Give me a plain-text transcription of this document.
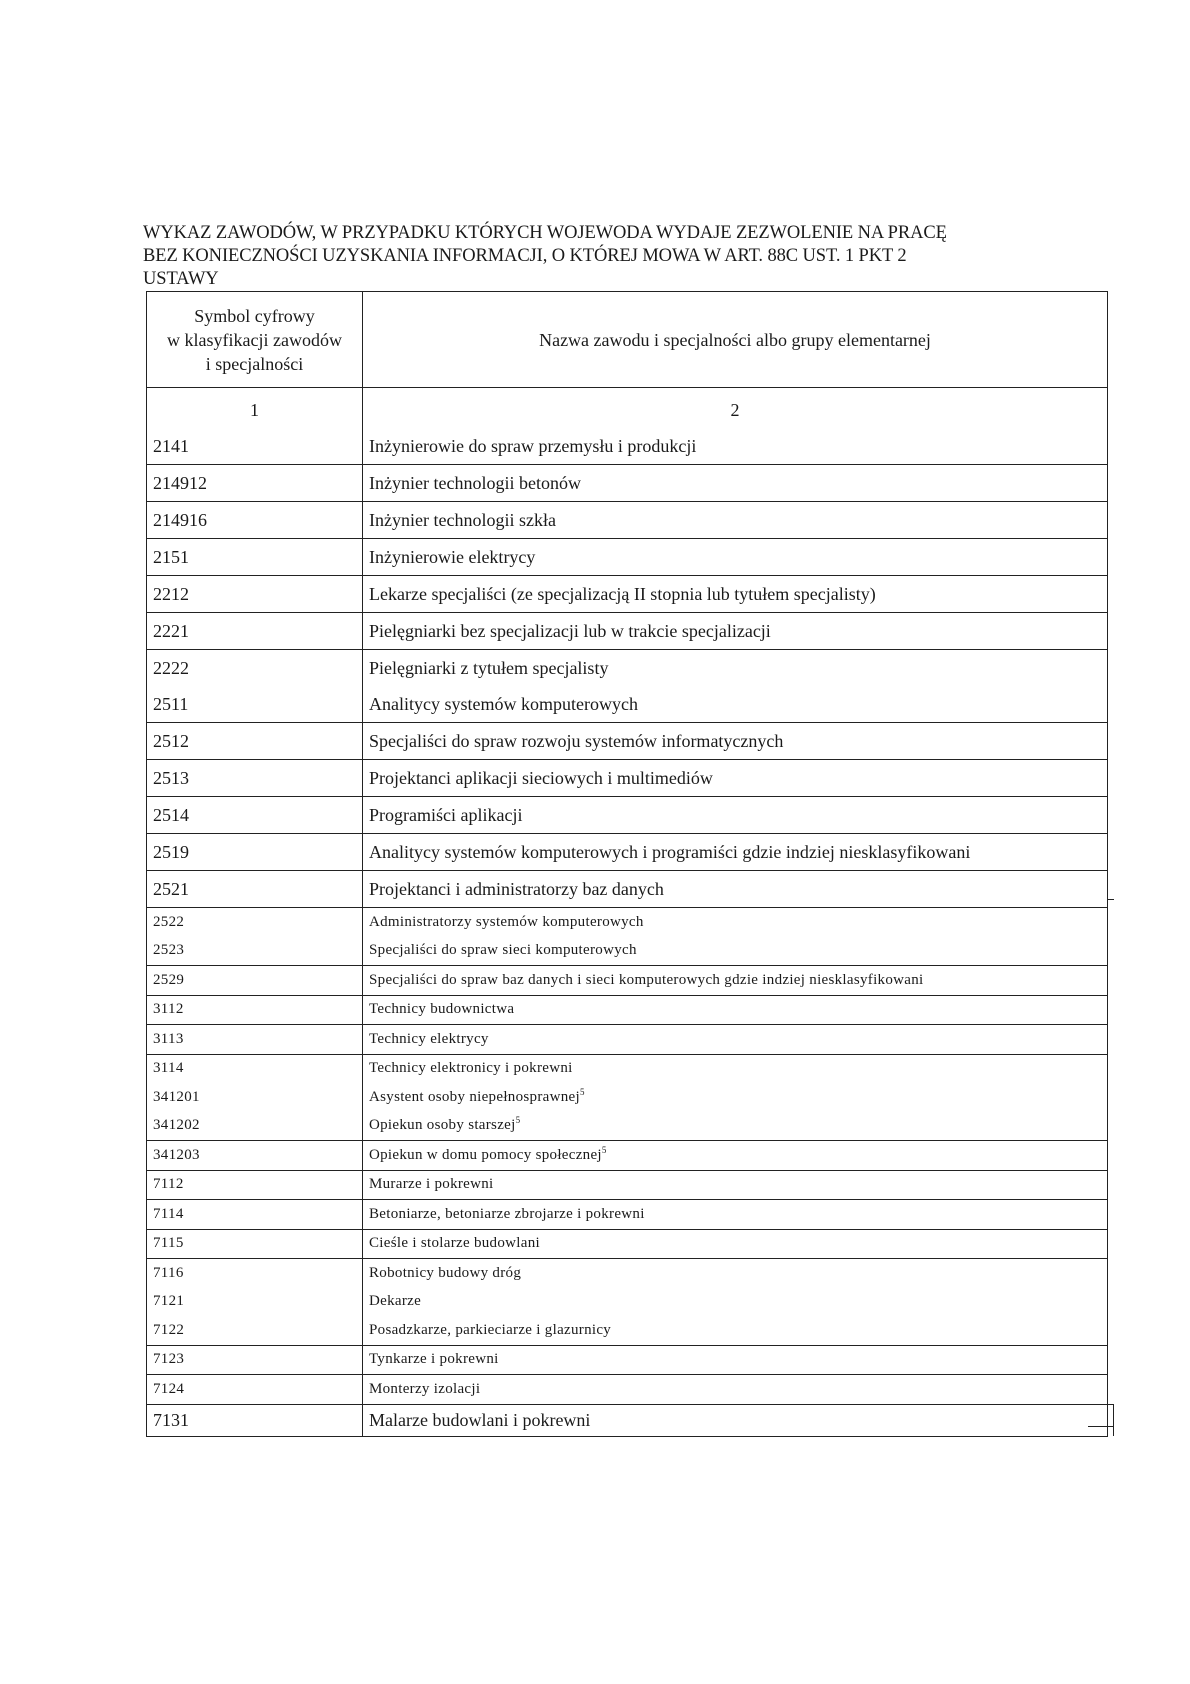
WYKAZ ZAWODÓW, W PRZYPADKU KTÓRYCH WOJEWODA WYDAJE ZEZWOLENIE NA PRACĘ
BEZ KONIECZNOŚCI UZYSKANIA INFORMACJI, O KTÓREJ MOWA W ART. 88C UST. 1 PKT 2
USTAWY
Symbol cyfrowy
w klasyfikacji zawodów
i specjalności	Nazwa zawodu i specjalności albo grupy elementarnej
1	2
2141	Inżynierowie do spraw przemysłu i produkcji
214912	Inżynier technologii betonów
214916	Inżynier technologii szkła
2151	Inżynierowie elektrycy
2212	Lekarze specjaliści (ze specjalizacją II stopnia lub tytułem specjalisty)
2221	Pielęgniarki bez specjalizacji lub w trakcie specjalizacji
2222	Pielęgniarki z tytułem specjalisty
2511	Analitycy systemów komputerowych
2512	Specjaliści do spraw rozwoju systemów informatycznych
2513	Projektanci aplikacji sieciowych i multimediów
2514	Programiści aplikacji
2519	Analitycy systemów komputerowych i programiści gdzie indziej niesklasyfikowani
2521	Projektanci i administratorzy baz danych
2522	Administratorzy systemów komputerowych
2523	Specjaliści do spraw sieci komputerowych
2529	Specjaliści do spraw baz danych i sieci komputerowych gdzie indziej niesklasyfikowani
3112	Technicy budownictwa
3113	Technicy elektrycy
3114	Technicy elektronicy i pokrewni
341201	Asystent osoby niepełnosprawnej$^5$
341202	Opiekun osoby starszej$^5$
341203	Opiekun w domu pomocy społecznej$^5$
7112	Murarze i pokrewni
7114	Betoniarze, betoniarze zbrojarze i pokrewni
7115	Cieśle i stolarze budowlani
7116	Robotnicy budowy dróg
7121	Dekarze
7122	Posadzkarze, parkieciarze i glazurnicy
7123	Tynkarze i pokrewni
7124	Monterzy izolacji
7131	Malarze budowlani i pokrewni
